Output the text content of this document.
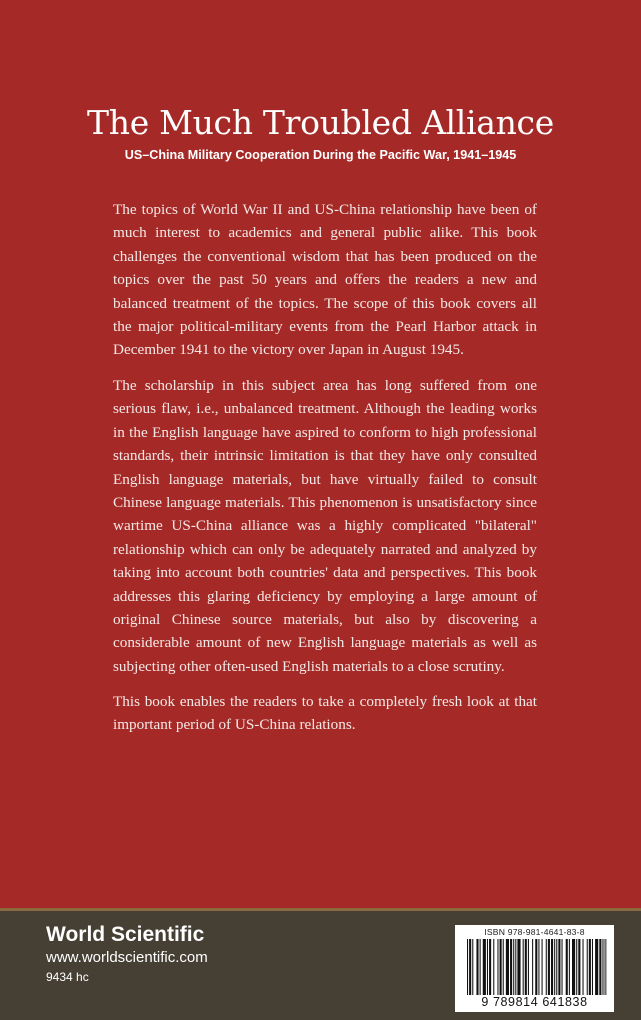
The Much Troubled Alliance
US–China Military Cooperation During the Pacific War, 1941–1945

The topics of World War II and US-China relationship have been of much interest to academics and general public alike. This book challenges the conventional wisdom that has been produced on the topics over the past 50 years and offers the readers a new and balanced treatment of the topics. The scope of this book covers all the major political-military events from the Pearl Harbor attack in December 1941 to the victory over Japan in August 1945.

The scholarship in this subject area has long suffered from one serious flaw, i.e., unbalanced treatment. Although the leading works in the English language have aspired to conform to high professional standards, their intrinsic limitation is that they have only consulted English language materials, but have virtually failed to consult Chinese language materials. This phenomenon is unsatisfactory since wartime US-China alliance was a highly complicated "bilateral" relationship which can only be adequately narrated and analyzed by taking into account both countries' data and perspectives. This book addresses this glaring deficiency by employing a large amount of original Chinese source materials, but also by discovering a considerable amount of new English language materials as well as subjecting other often-used English materials to a close scrutiny.

This book enables the readers to take a completely fresh look at that important period of US-China relations.

World Scientific
www.worldscientific.com
9434 hc
ISBN 978-981-4641-83-8
9 789814 641838
